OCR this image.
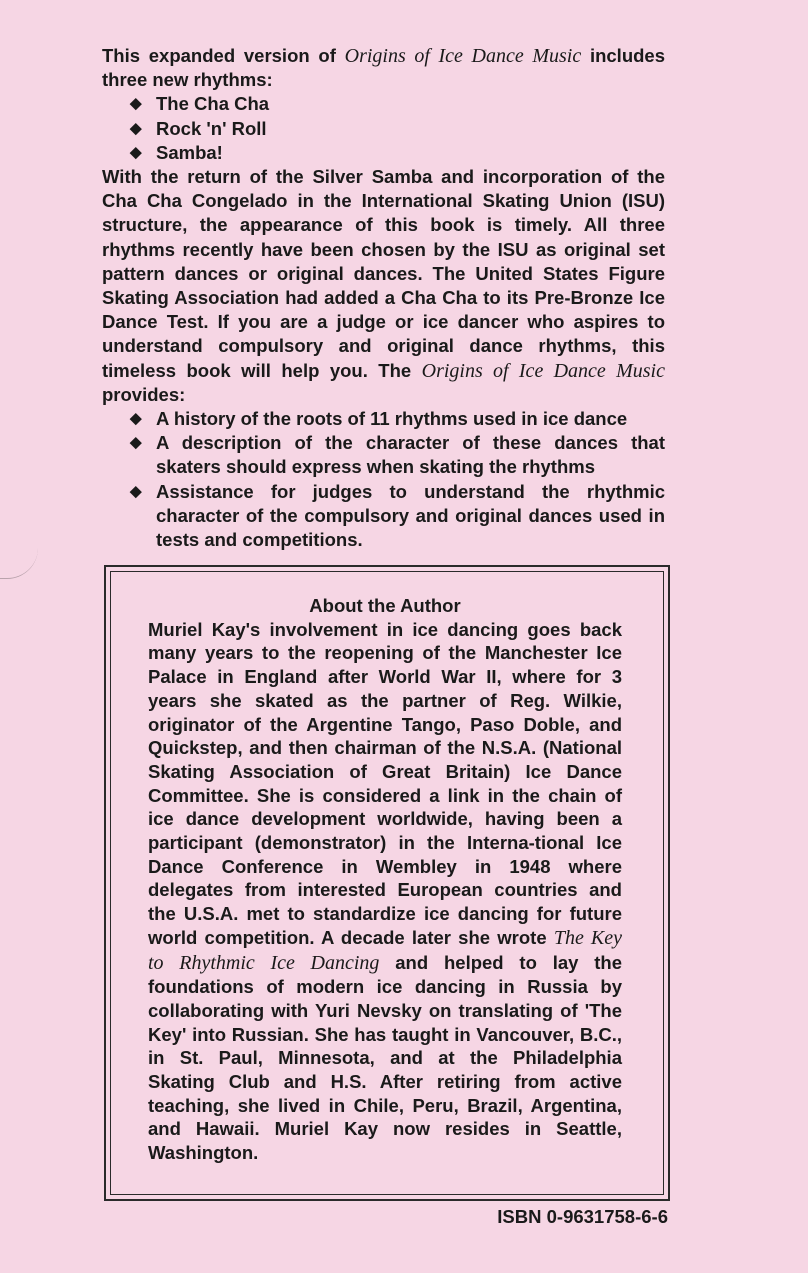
This expanded version of Origins of Ice Dance Music includes three new rhythms:

◆ The Cha Cha
◆ Rock 'n' Roll
◆ Samba!

With the return of the Silver Samba and incorporation of the Cha Cha Congelado in the International Skating Union (ISU) structure, the appearance of this book is timely. All three rhythms recently have been chosen by the ISU as original set pattern dances or original dances. The United States Figure Skating Association had added a Cha Cha to its Pre-Bronze Ice Dance Test. If you are a judge or ice dancer who aspires to understand compulsory and original dance rhythms, this timeless book will help you. The Origins of Ice Dance Music provides:

◆ A history of the roots of 11 rhythms used in ice dance
◆ A description of the character of these dances that skaters should express when skating the rhythms
◆ Assistance for judges to understand the rhythmic character of the compulsory and original dances used in tests and competitions.
About the Author

Muriel Kay's involvement in ice dancing goes back many years to the reopening of the Manchester Ice Palace in England after World War II, where for 3 years she skated as the partner of Reg. Wilkie, originator of the Argentine Tango, Paso Doble, and Quickstep, and then chairman of the N.S.A. (National Skating Association of Great Britain) Ice Dance Committee. She is considered a link in the chain of ice dance development worldwide, having been a participant (demonstrator) in the Interna-tional Ice Dance Conference in Wembley in 1948 where delegates from interested European countries and the U.S.A. met to standardize ice dancing for future world competition. A decade later she wrote The Key to Rhythmic Ice Dancing and helped to lay the foundations of modern ice dancing in Russia by collaborating with Yuri Nevsky on translating of 'The Key' into Russian. She has taught in Vancouver, B.C., in St. Paul, Minnesota, and at the Philadelphia Skating Club and H.S. After retiring from active teaching, she lived in Chile, Peru, Brazil, Argentina, and Hawaii. Muriel Kay now resides in Seattle, Washington.

ISBN 0-9631758-6-6
